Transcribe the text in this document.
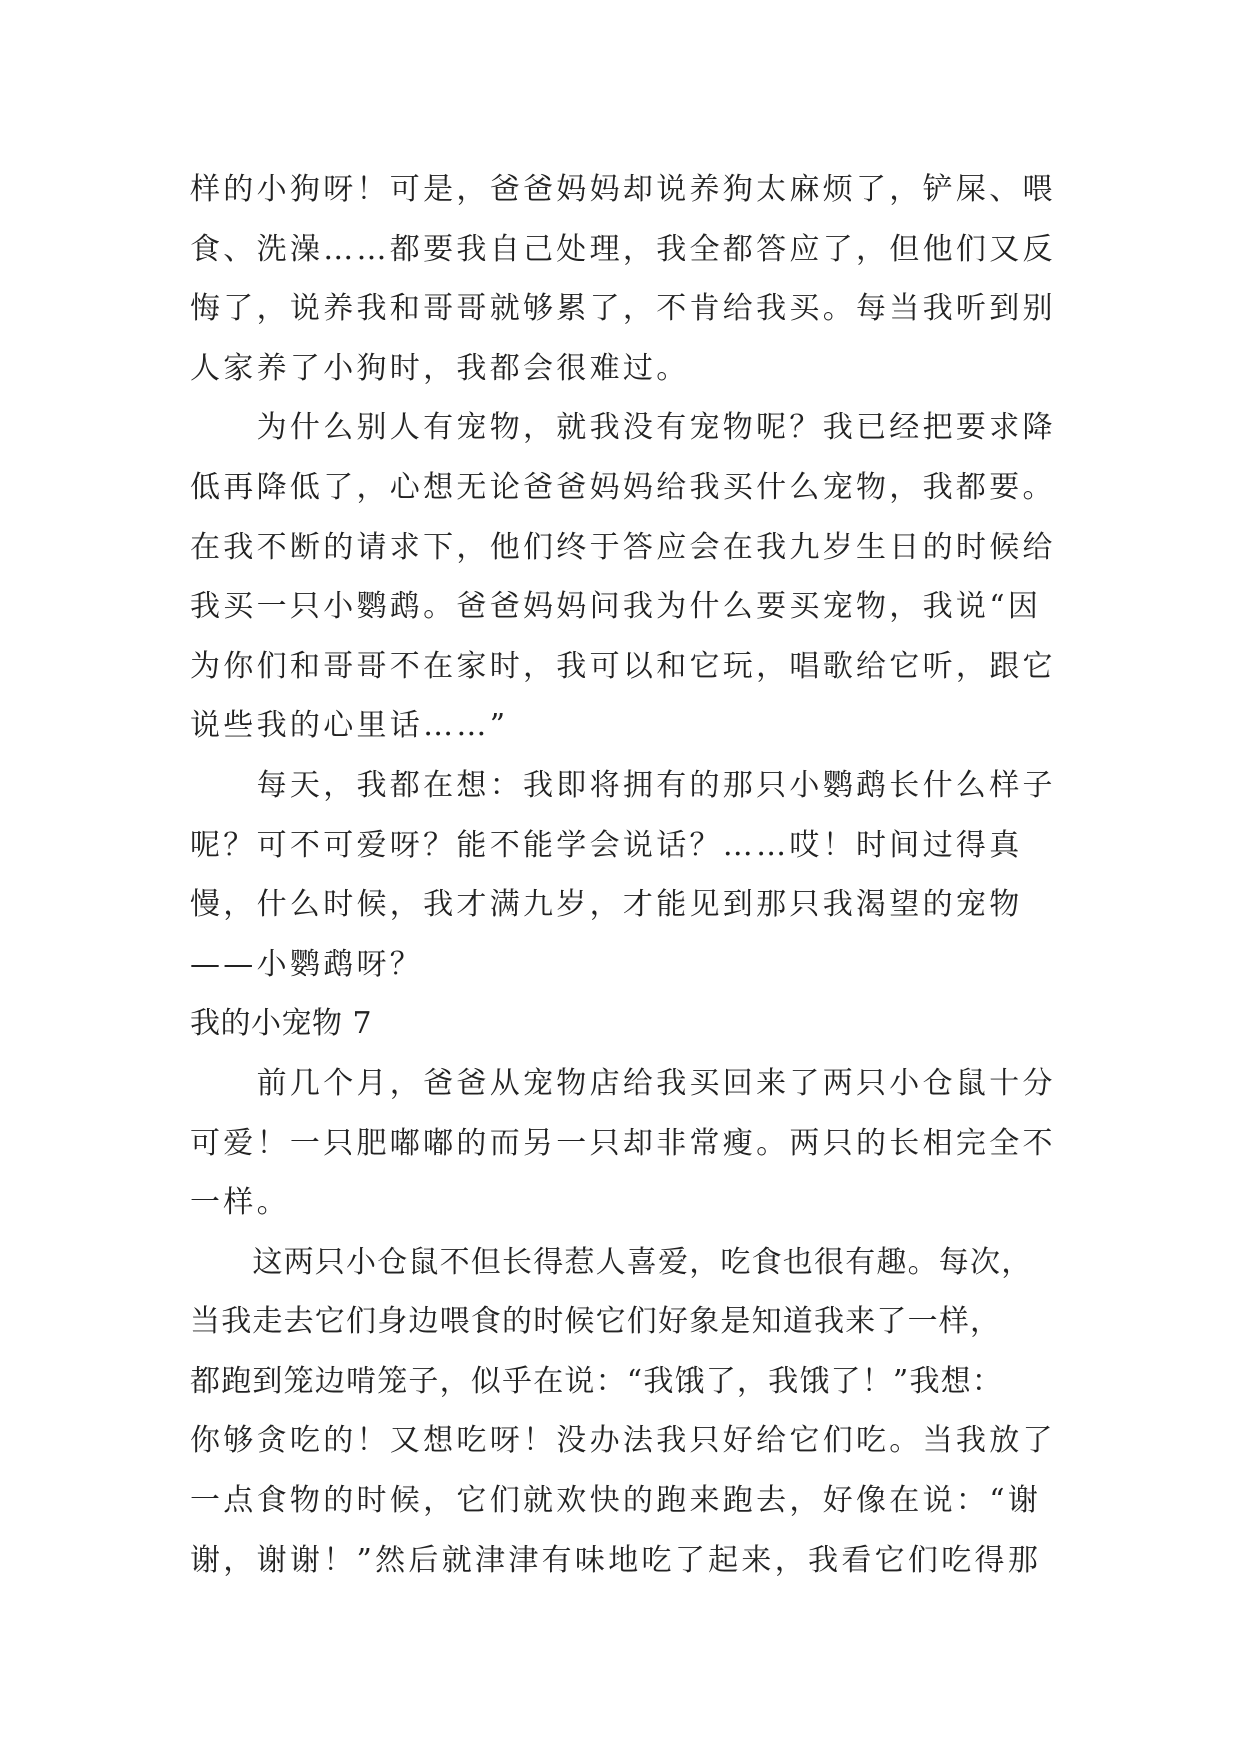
样的小狗呀！可是，爸爸妈妈却说养狗太麻烦了，铲屎、喂
食、洗澡……都要我自己处理，我全都答应了，但他们又反
悔了，说养我和哥哥就够累了，不肯给我买。每当我听到别
人家养了小狗时，我都会很难过。
　　为什么别人有宠物，就我没有宠物呢？我已经把要求降
低再降低了，心想无论爸爸妈妈给我买什么宠物，我都要。
在我不断的请求下，他们终于答应会在我九岁生日的时候给
我买一只小鹦鹉。爸爸妈妈问我为什么要买宠物，我说“因
为你们和哥哥不在家时，我可以和它玩，唱歌给它听，跟它
说些我的心里话……”
　　每天，我都在想：我即将拥有的那只小鹦鹉长什么样子
呢？可不可爱呀？能不能学会说话？……哎！时间过得真
慢，什么时候，我才满九岁，才能见到那只我渴望的宠物
——小鹦鹉呀？
我的小宠物 7
　　前几个月，爸爸从宠物店给我买回来了两只小仓鼠十分
可爱！一只肥嘟嘟的而另一只却非常瘦。两只的长相完全不
一样。
　　这两只小仓鼠不但长得惹人喜爱，吃食也很有趣。每次，
当我走去它们身边喂食的时候它们好象是知道我来了一样，
都跑到笼边啃笼子，似乎在说：“我饿了，我饿了！”我想：
你够贪吃的！又想吃呀！没办法我只好给它们吃。当我放了
一点食物的时候，它们就欢快的跑来跑去，好像在说：“谢
谢，谢谢！”然后就津津有味地吃了起来，我看它们吃得那
